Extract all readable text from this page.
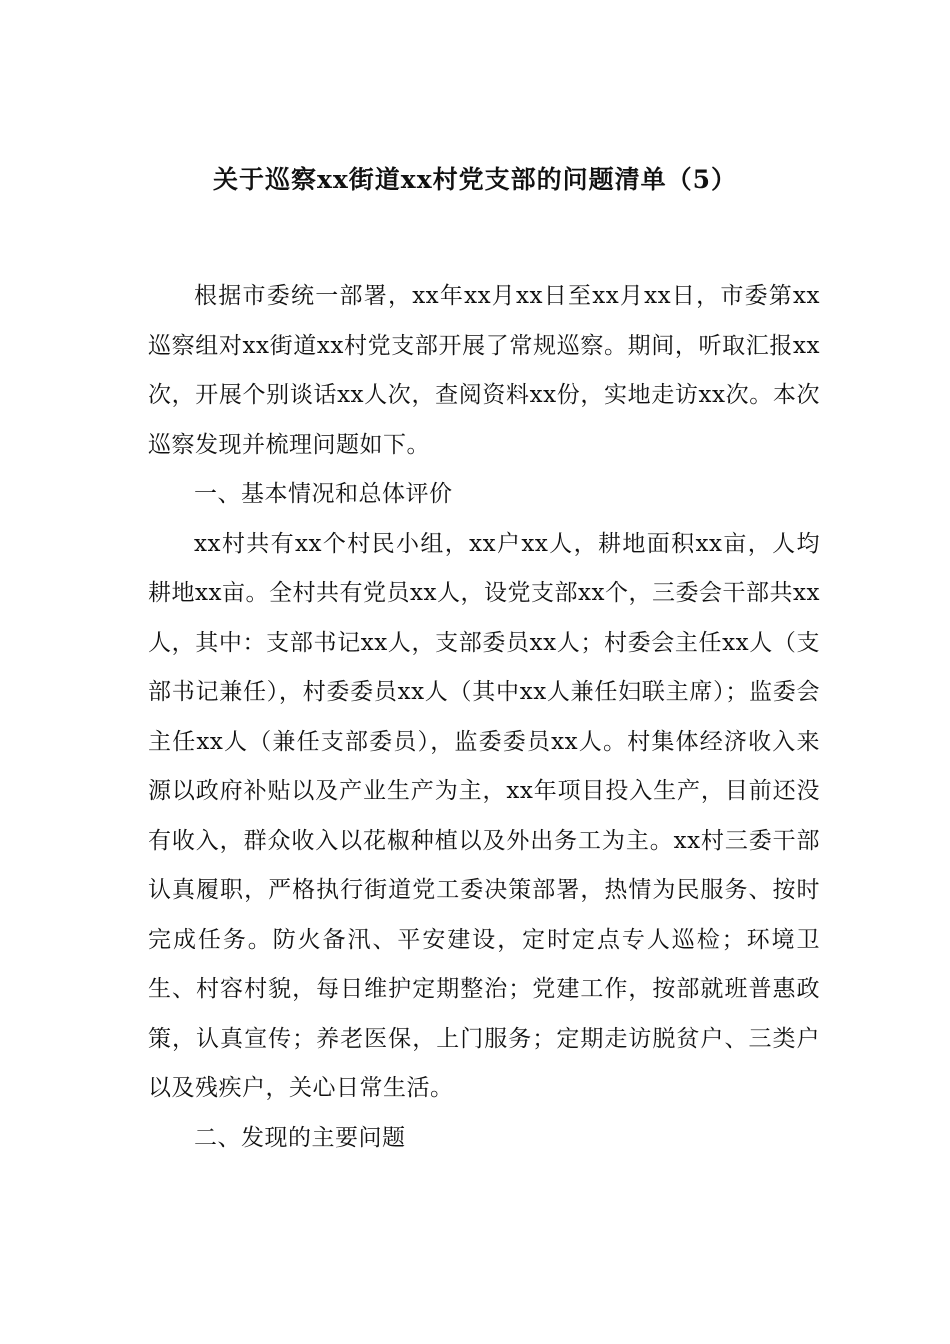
关于巡察xx街道xx村党支部的问题清单（5）

根据市委统一部署，xx年xx月xx日至xx月xx日，市委第xx巡察组对xx街道xx村党支部开展了常规巡察。期间，听取汇报xx次，开展个别谈话xx人次，查阅资料xx份，实地走访xx次。本次巡察发现并梳理问题如下。

一、基本情况和总体评价

xx村共有xx个村民小组，xx户xx人，耕地面积xx亩，人均耕地xx亩。全村共有党员xx人，设党支部xx个，三委会干部共xx人，其中：支部书记xx人，支部委员xx人；村委会主任xx人（支部书记兼任），村委委员xx人（其中xx人兼任妇联主席）；监委会主任xx人（兼任支部委员），监委委员xx人。村集体经济收入来源以政府补贴以及产业生产为主，xx年项目投入生产，目前还没有收入，群众收入以花椒种植以及外出务工为主。xx村三委干部认真履职，严格执行街道党工委决策部署，热情为民服务、按时完成任务。防火备汛、平安建设，定时定点专人巡检；环境卫生、村容村貌，每日维护定期整治；党建工作，按部就班普惠政策，认真宣传；养老医保，上门服务；定期走访脱贫户、三类户以及残疾户，关心日常生活。

二、发现的主要问题
